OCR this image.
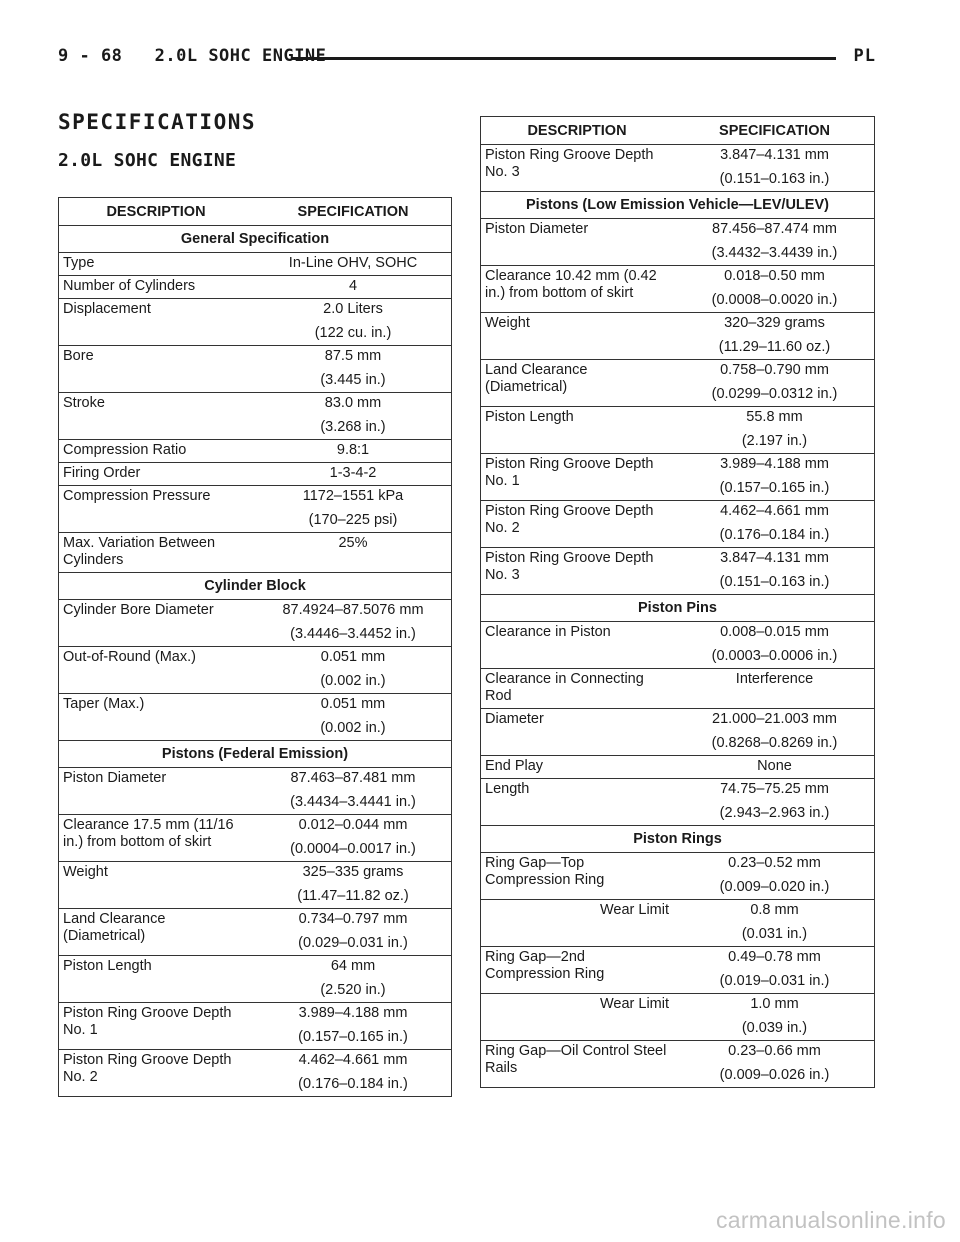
9 - 68 2.0L SOHC ENGINE	PL
SPECIFICATIONS
2.0L SOHC ENGINE
DESCRIPTION	SPECIFICATION
General Specification	
Type	In-Line OHV, SOHC

Number of Cylinders	4

Displacement	2.0 Liters
(122 cu. in.)

Bore	87.5 mm
(3.445 in.)

Stroke	83.0 mm
(3.268 in.)

Compression Ratio	9.8:1

Firing Order	1-3-4-2

Compression Pressure	1172–1551 kPa
(170–225 psi)

Max. Variation Between Cylinders	25%

Cylinder Block	
Cylinder Bore Diameter	87.4924–87.5076 mm
(3.4446–3.4452 in.)

Out-of-Round (Max.)	0.051 mm
(0.002 in.)

Taper (Max.)	0.051 mm
(0.002 in.)

Pistons (Federal Emission)	
Piston Diameter	87.463–87.481 mm
(3.4434–3.4441 in.)

Clearance 17.5 mm (11/16 in.) from bottom of skirt	0.012–0.044 mm
(0.0004–0.0017 in.)

Weight	325–335 grams
(11.47–11.82 oz.)

Land Clearance (Diametrical)	0.734–0.797 mm
(0.029–0.031 in.)

Piston Length	64 mm
(2.520 in.)

Piston Ring Groove Depth No. 1	3.989–4.188 mm
(0.157–0.165 in.)

Piston Ring Groove Depth No. 2	4.462–4.661 mm
(0.176–0.184 in.)
DESCRIPTION	SPECIFICATION
Piston Ring Groove Depth No. 3	3.847–4.131 mm
(0.151–0.163 in.)

Pistons (Low Emission Vehicle—LEV/ULEV)	
Piston Diameter	87.456–87.474 mm
(3.4432–3.4439 in.)

Clearance 10.42 mm (0.42 in.) from bottom of skirt	0.018–0.50 mm
(0.0008–0.0020 in.)

Weight	320–329 grams
(11.29–11.60 oz.)

Land Clearance (Diametrical)	0.758–0.790 mm
(0.0299–0.0312 in.)

Piston Length	55.8 mm
(2.197 in.)

Piston Ring Groove Depth No. 1	3.989–4.188 mm
(0.157–0.165 in.)

Piston Ring Groove Depth No. 2	4.462–4.661 mm
(0.176–0.184 in.)

Piston Ring Groove Depth No. 3	3.847–4.131 mm
(0.151–0.163 in.)

Piston Pins	
Clearance in Piston	0.008–0.015 mm
(0.0003–0.0006 in.)

Clearance in Connecting Rod	Interference

Diameter	21.000–21.003 mm
(0.8268–0.8269 in.)

End Play	None

Length	74.75–75.25 mm
(2.943–2.963 in.)

Piston Rings	
Ring Gap—Top Compression Ring	0.23–0.52 mm
(0.009–0.020 in.)

Wear Limit	0.8 mm
(0.031 in.)

Ring Gap—2nd Compression Ring	0.49–0.78 mm
(0.019–0.031 in.)

Wear Limit	1.0 mm
(0.039 in.)

Ring Gap—Oil Control Steel Rails	0.23–0.66 mm
(0.009–0.026 in.)
carmanualsonline.info
